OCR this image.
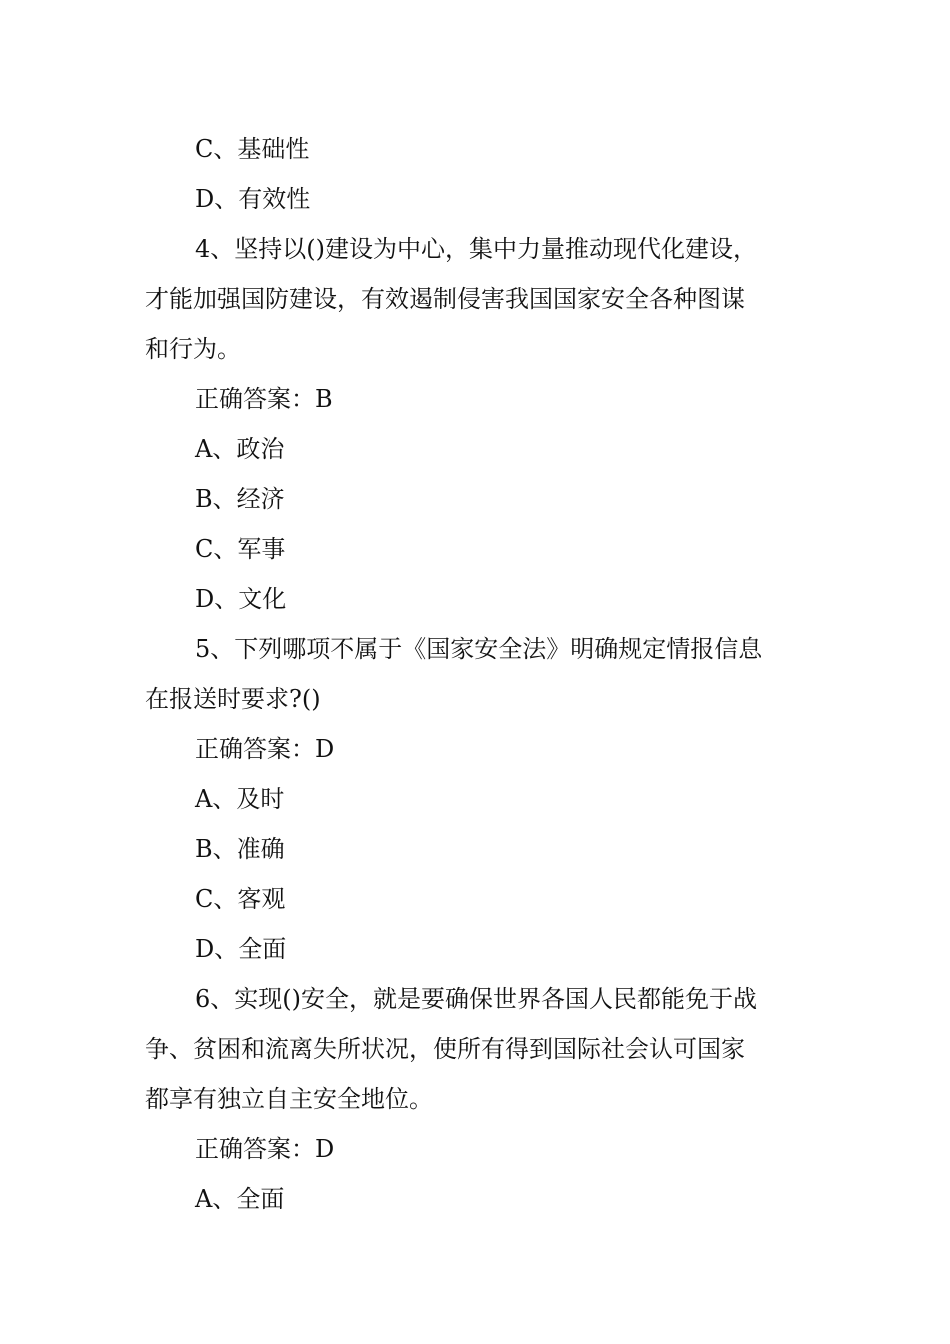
C、基础性
D、有效性
4、坚持以()建设为中心，集中力量推动现代化建设，
才能加强国防建设，有效遏制侵害我国国家安全各种图谋
和行为。
正确答案：B
A、政治
B、经济
C、军事
D、文化
5、下列哪项不属于《国家安全法》明确规定情报信息
在报送时要求?()
正确答案：D
A、及时
B、准确
C、客观
D、全面
6、实现()安全，就是要确保世界各国人民都能免于战
争、贫困和流离失所状况，使所有得到国际社会认可国家
都享有独立自主安全地位。
正确答案：D
A、全面
